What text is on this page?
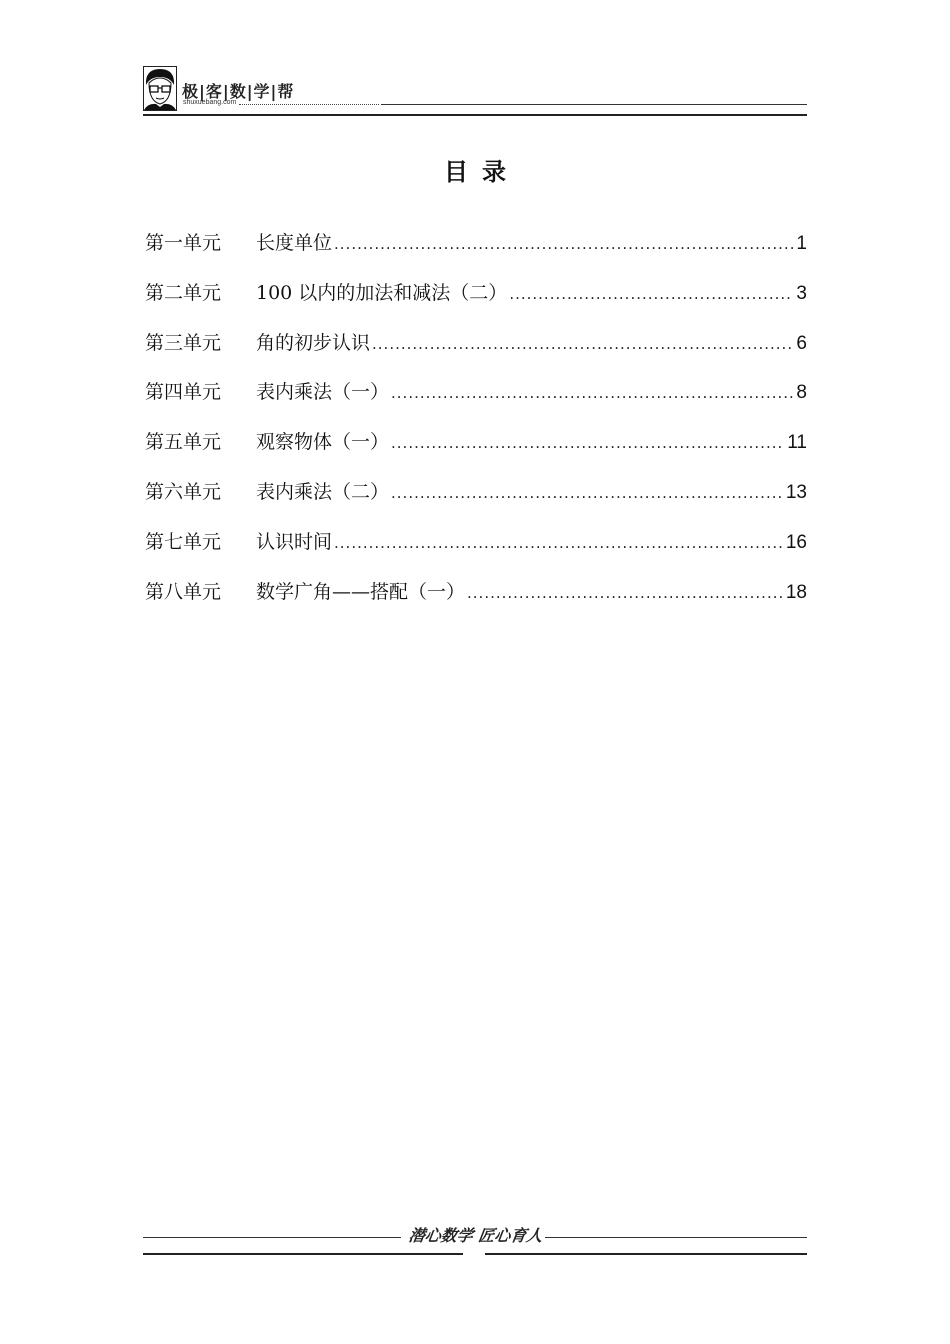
极|客|数|学|帮
shuxuebang.com
目录
第一单元	长度单位 .....	1
第二单元	100 以内的加法和减法（二） .....	3
第三单元	角的初步认识 .....	6
第四单元	表内乘法（一） .....	8
第五单元	观察物体（一） .....	11
第六单元	表内乘法（二） .....	13
第七单元	认识时间 .....	16
第八单元	数学广角——搭配（一） .....	18
潜心数学 匠心育人
